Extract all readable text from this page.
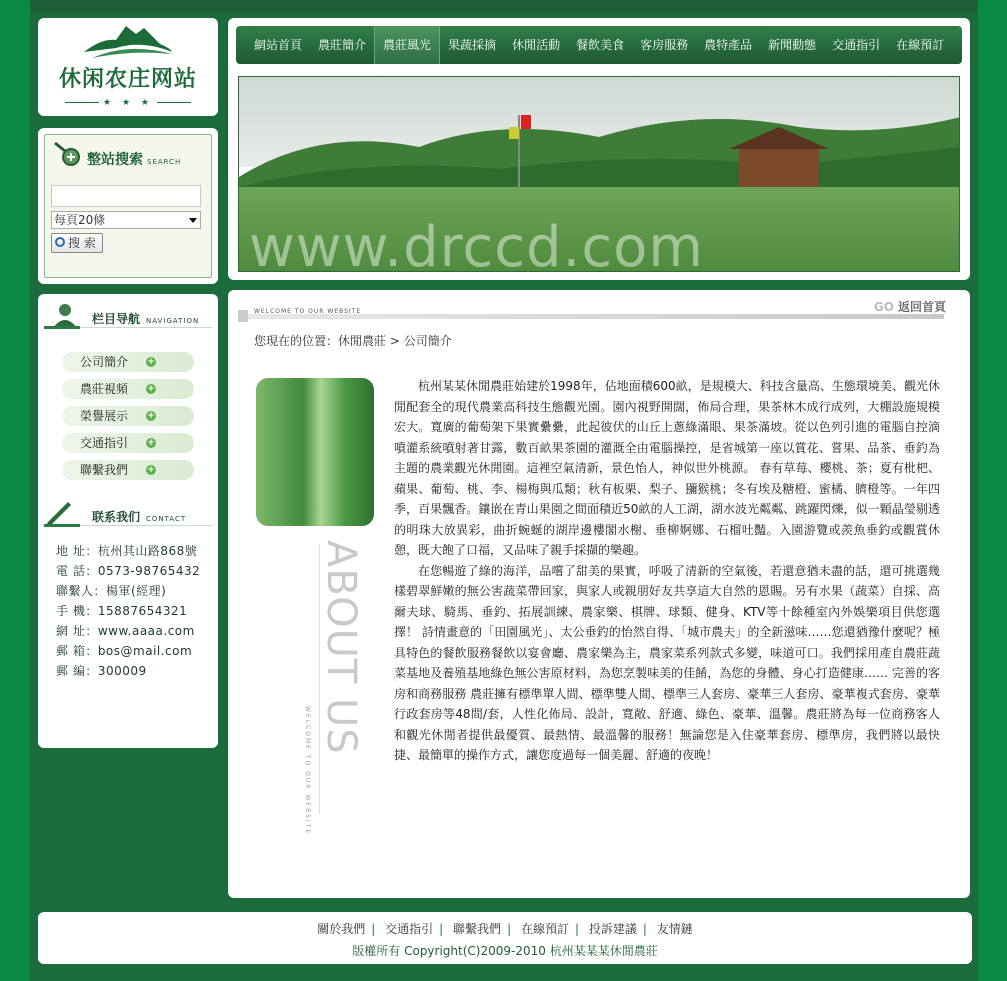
休闲农庄网站
★ ★ ★
整站搜索 SEARCH
每頁20條
搜 索
栏目导航 NAVIGATION
公司簡介 +
農莊視頻 +
榮譽展示 +
交通指引 +
聯繫我們 +
联系我们 CONTACT
地 址：杭州其山路868號
電 話：0573-98765432
聯繫人：楊軍(經理)
手 機：15887654321
網 址：www.aaaa.com
郵 箱：bos@mail.com
郵 編：300009
網站首頁	農莊簡介	農莊風光	果蔬採摘	休閒活動	餐飲美食	客房服務	農特產品	新聞動態	交通指引	在線預訂
www.drccd.com
WELCOME TO OUR WEBSITE	GO 返回首頁
您現在的位置：休閒農莊 > 公司簡介
ABOUT US
WELCOME TO OUR WEBSITE

杭州某某休閒農莊始建於1998年，佔地面積600畝，是規模大、科技含量高、生態環境美、觀光休閒配套全的現代農業高科技生態觀光園。園內視野開闊，佈局合理，果茶林木成行成列，大棚設施規模宏大。寬廣的葡萄架下果實纍纍，此起彼伏的山丘上蔥綠滿眼、果茶滿坡。從以色列引進的電腦自控滴噴灌系統噴射著甘露，數百畝果茶園的灌溉全由電腦操控，是省城第一座以賞花、嘗果、品茶、垂釣為主題的農業觀光休閒園。這裡空氣清新，景色怡人，神似世外桃源。 春有草莓、櫻桃、茶；夏有枇杷、蘋果、葡萄、桃、李、楊梅與瓜類；秋有板栗、梨子、獼猴桃；冬有埃及糖橙、蜜橘、臍橙等。一年四季，百果飄香。鑲嵌在青山果園之間面積近50畝的人工湖，湖水波光粼粼、跳躍閃爍，似一顆晶瑩剔透的明珠大放異彩，曲折蜿蜒的湖岸邊樓閣水榭、垂柳婀娜、石榴吐豔。入園游覽或羨魚垂釣或觀賞休憩，既大飽了口福，又品味了親手採擷的樂趣。

在您暢遊了綠的海洋，品嚐了甜美的果實，呼吸了清新的空氣後，若還意猶未盡的話，還可挑選幾樣碧翠鮮嫩的無公害蔬菜帶回家，與家人或親朋好友共享這大自然的恩賜。另有水果（蔬菜）自採、高爾夫球、騎馬、垂釣、拓展訓練、農家樂、棋牌、球類、健身、KTV等十餘種室內外娛樂項目供您選擇！ 詩情畫意的「田園風光」、太公垂釣的怡然自得、「城市農夫」的全新滋味……您還猶豫什麼呢？極具特色的餐飲服務餐飲以宴會廳、農家樂為主，農家菜系列款式多變，味道可口。我們採用產自農莊蔬菜基地及養殖基地綠色無公害原材料，為您烹製味美的佳餚，為您的身體、身心打造健康…… 完善的客房和商務服務 農莊擁有標準單人間、標準雙人間、標準三人套房、豪華三人套房、豪華複式套房、豪華行政套房等48間/套，人性化佈局、設計，寬敞、舒適、綠色、豪華、溫馨。農莊將為每一位商務客人和觀光休閒者提供最優質、最熱情、最溫馨的服務！無論您是入住豪華套房、標準房，我們將以最快捷、最簡單的操作方式，讓您度過每一個美麗、舒適的夜晚！

關於我們 | 交通指引 | 聯繫我們 | 在線預訂 | 投訴建議 | 友情鏈
版權所有 Copyright(C)2009-2010 杭州某某某休閒農莊
